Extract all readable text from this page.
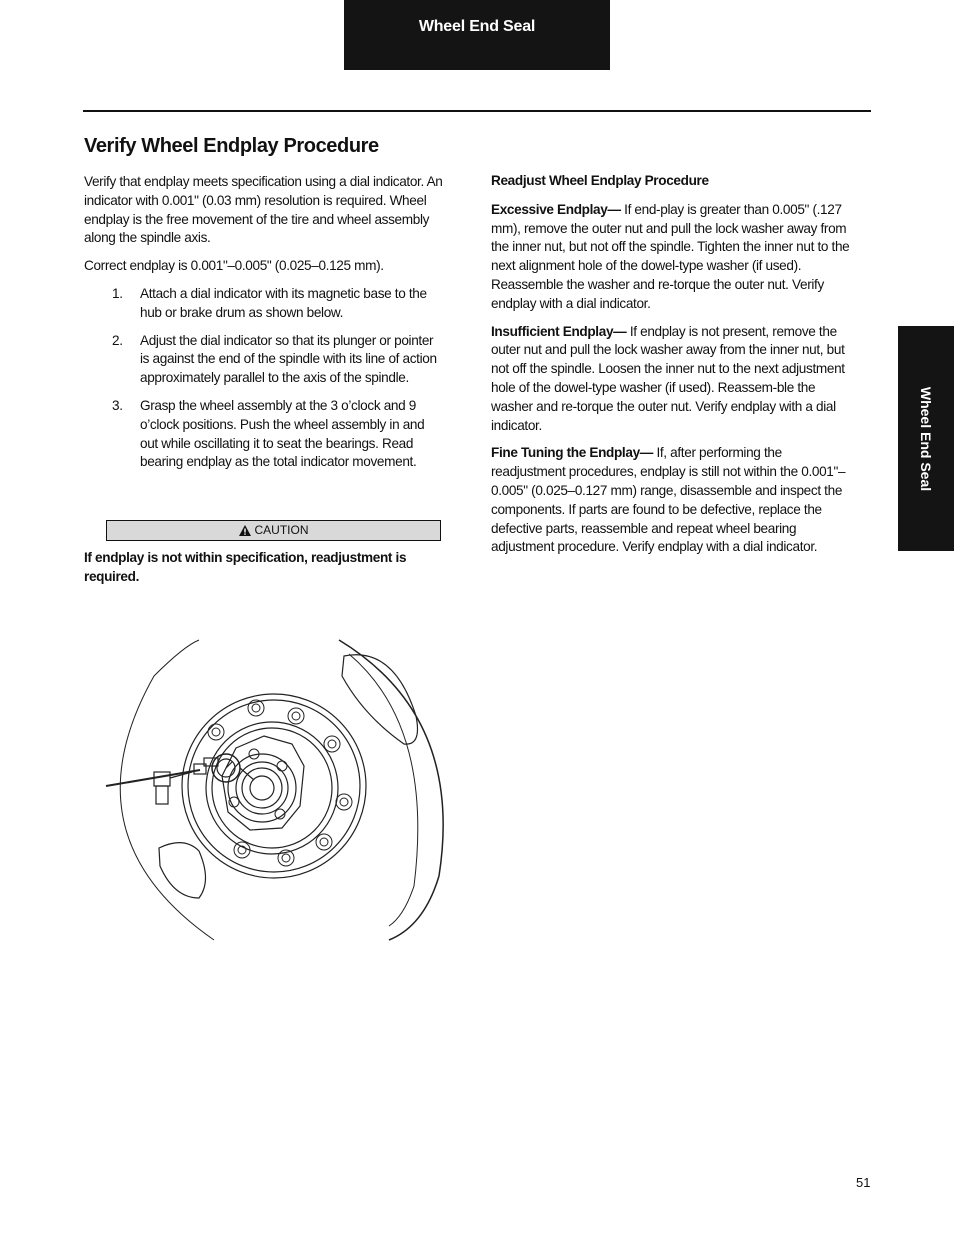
Wheel End Seal
Wheel End Seal
Verify Wheel Endplay Procedure

Verify that endplay meets specification using a dial indicator. An indicator with 0.001" (0.03 mm) resolution is required. Wheel endplay is the free movement of the tire and wheel assembly along the spindle axis.

Correct endplay is 0.001"–0.005" (0.025–0.125 mm).

1. Attach a dial indicator with its magnetic base to the hub or brake drum as shown below.
2. Adjust the dial indicator so that its plunger or pointer is against the end of the spindle with its line of action approximately parallel to the axis of the spindle.
3. Grasp the wheel assembly at the 3 o’clock and 9 o’clock positions. Push the wheel assembly in and out while oscillating it to seat the bearings. Read bearing endplay as the total indicator movement.
CAUTION
If endplay is not within specification, readjustment is required.

Readjust Wheel Endplay Procedure

Excessive Endplay— If end-play is greater than 0.005" (.127 mm), remove the outer nut and pull the lock washer away from the inner nut, but not off the spindle. Tighten the inner nut to the next alignment hole of the dowel-type washer (if used). Reassemble the washer and re-torque the outer nut. Verify endplay with a dial indicator.

Insufficient Endplay— If endplay is not present, remove the outer nut and pull the lock washer away from the inner nut, but not off the spindle. Loosen the inner nut to the next adjustment hole of the dowel-type washer (if used). Reassem-ble the washer and re-torque the outer nut. Verify endplay with a dial indicator.

Fine Tuning the Endplay— If, after performing the readjustment procedures, endplay is still not within the 0.001"–0.005" (0.025–0.127 mm) range, disassemble and inspect the components. If parts are found to be defective, replace the defective parts, reassemble and repeat wheel bearing adjustment procedure. Verify endplay with a dial indicator.

51
